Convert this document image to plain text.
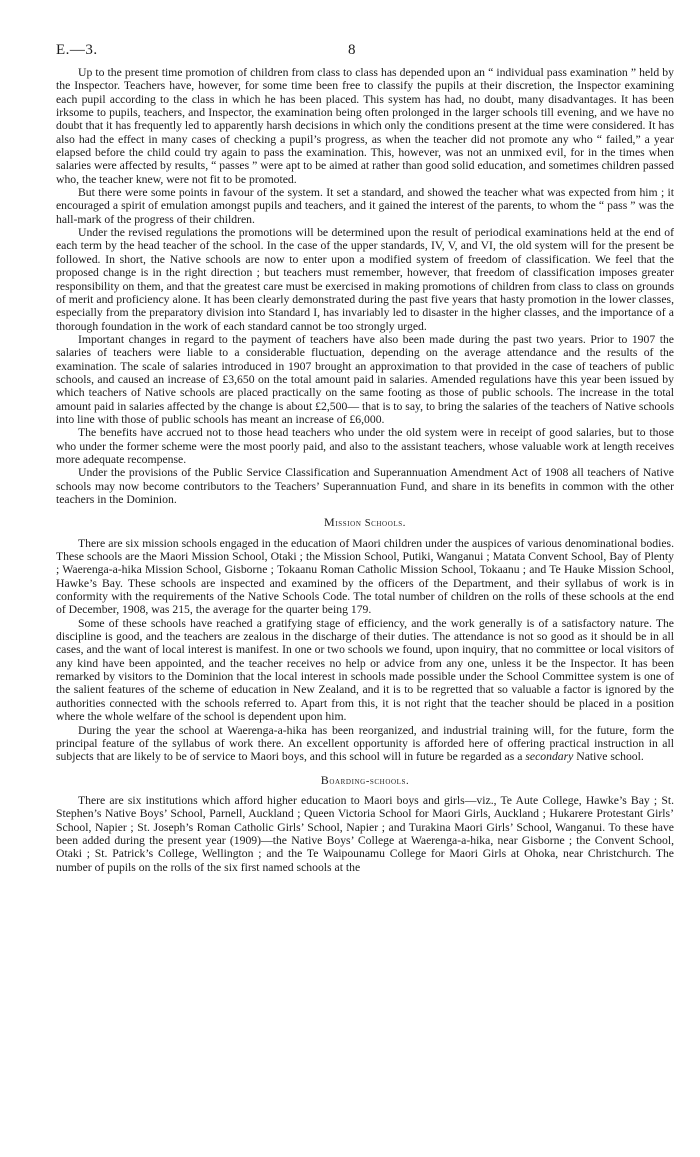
E.—3.	8

Up to the present time promotion of children from class to class has depended upon an “ individual pass examination ” held by the Inspector. Teachers have, however, for some time been free to classify the pupils at their discretion, the Inspector examining each pupil according to the class in which he has been placed. This system has had, no doubt, many disadvantages. It has been irksome to pupils, teachers, and Inspector, the examination being often prolonged in the larger schools till evening, and we have no doubt that it has frequently led to apparently harsh decisions in which only the conditions present at the time were considered. It has also had the effect in many cases of checking a pupil’s progress, as when the teacher did not promote any who “ failed,” a year elapsed before the child could try again to pass the examination. This, however, was not an unmixed evil, for in the times when salaries were affected by results, “ passes ” were apt to be aimed at rather than good solid education, and sometimes children passed who, the teacher knew, were not fit to be promoted.

But there were some points in favour of the system. It set a standard, and showed the teacher what was expected from him ; it encouraged a spirit of emulation amongst pupils and teachers, and it gained the interest of the parents, to whom the “ pass ” was the hall-mark of the progress of their children.

Under the revised regulations the promotions will be determined upon the result of periodical examinations held at the end of each term by the head teacher of the school. In the case of the upper standards, IV, V, and VI, the old system will for the present be followed. In short, the Native schools are now to enter upon a modified system of freedom of classification. We feel that the proposed change is in the right direction ; but teachers must remember, however, that freedom of classification imposes greater responsibility on them, and that the greatest care must be exercised in making promotions of children from class to class on grounds of merit and proficiency alone. It has been clearly demonstrated during the past five years that hasty promotion in the lower classes, especially from the preparatory division into Standard I, has invariably led to disaster in the higher classes, and the importance of a thorough foundation in the work of each standard cannot be too strongly urged.

Important changes in regard to the payment of teachers have also been made during the past two years. Prior to 1907 the salaries of teachers were liable to a considerable fluctuation, depending on the average attendance and the results of the examination. The scale of salaries introduced in 1907 brought an approximation to that provided in the case of teachers of public schools, and caused an increase of £3,650 on the total amount paid in salaries. Amended regulations have this year been issued by which teachers of Native schools are placed practically on the same footing as those of public schools. The increase in the total amount paid in salaries affected by the change is about £2,500— that is to say, to bring the salaries of the teachers of Native schools into line with those of public schools has meant an increase of £6,000.

The benefits have accrued not to those head teachers who under the old system were in receipt of good salaries, but to those who under the former scheme were the most poorly paid, and also to the assistant teachers, whose valuable work at length receives more adequate recompense.

Under the provisions of the Public Service Classification and Superannuation Amendment Act of 1908 all teachers of Native schools may now become contributors to the Teachers’ Superannuation Fund, and share in its benefits in common with the other teachers in the Dominion.

Mission Schools.

There are six mission schools engaged in the education of Maori children under the auspices of various denominational bodies. These schools are the Maori Mission School, Otaki ; the Mission School, Putiki, Wanganui ; Matata Convent School, Bay of Plenty ; Waerenga-a-hika Mission School, Gisborne ; Tokaanu Roman Catholic Mission School, Tokaanu ; and Te Hauke Mission School, Hawke’s Bay. These schools are inspected and examined by the officers of the Department, and their syllabus of work is in conformity with the requirements of the Native Schools Code. The total number of children on the rolls of these schools at the end of December, 1908, was 215, the average for the quarter being 179.

Some of these schools have reached a gratifying stage of efficiency, and the work generally is of a satisfactory nature. The discipline is good, and the teachers are zealous in the discharge of their duties. The attendance is not so good as it should be in all cases, and the want of local interest is manifest. In one or two schools we found, upon inquiry, that no committee or local visitors of any kind have been appointed, and the teacher receives no help or advice from any one, unless it be the Inspector. It has been remarked by visitors to the Dominion that the local interest in schools made possible under the School Committee system is one of the salient features of the scheme of education in New Zealand, and it is to be regretted that so valuable a factor is ignored by the authorities connected with the schools referred to. Apart from this, it is not right that the teacher should be placed in a position where the whole welfare of the school is dependent upon him.

During the year the school at Waerenga-a-hika has been reorganized, and industrial training will, for the future, form the principal feature of the syllabus of work there. An excellent opportunity is afforded here of offering practical instruction in all subjects that are likely to be of service to Maori boys, and this school will in future be regarded as a secondary Native school.

Boarding-schools.

There are six institutions which afford higher education to Maori boys and girls—viz., Te Aute College, Hawke’s Bay ; St. Stephen’s Native Boys’ School, Parnell, Auckland ; Queen Victoria School for Maori Girls, Auckland ; Hukarere Protestant Girls’ School, Napier ; St. Joseph’s Roman Catholic Girls’ School, Napier ; and Turakina Maori Girls’ School, Wanganui. To these have been added during the present year (1909)—the Native Boys’ College at Waerenga-a-hika, near Gisborne ; the Convent School, Otaki ; St. Patrick’s College, Wellington ; and the Te Waipounamu College for Maori Girls at Ohoka, near Christchurch. The number of pupils on the rolls of the six first named schools at the
